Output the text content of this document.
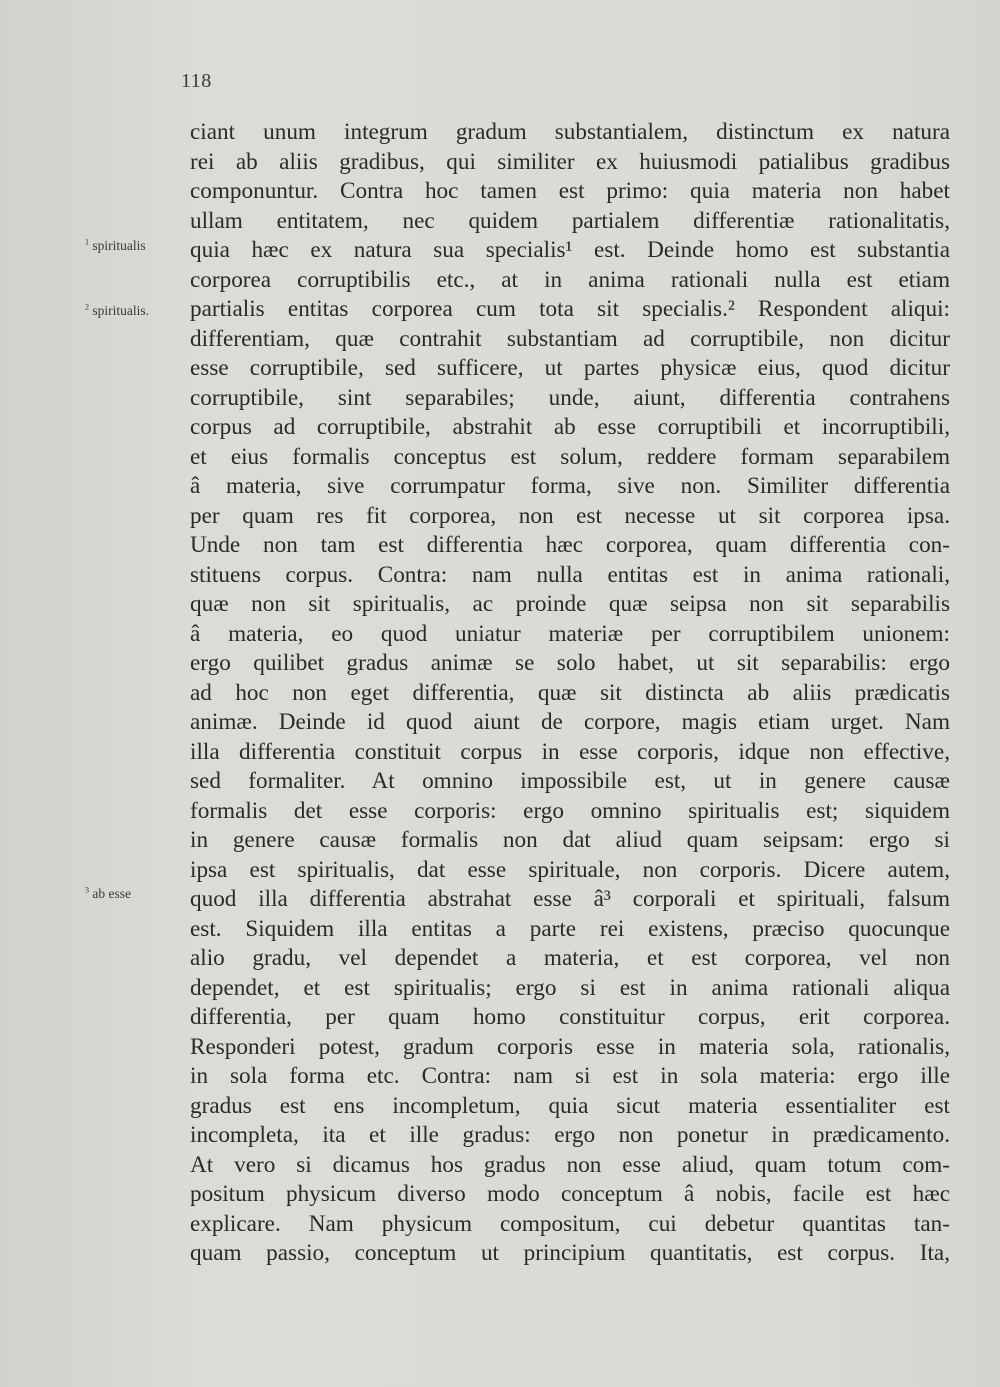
118
$^1$ spiritualis
$^2$ spiritualis.
$^3$ ab esse
ciant unum integrum gradum substantialem, distinctum ex natura
rei ab aliis gradibus, qui similiter ex huiusmodi patialibus gradibus
componuntur. Contra hoc tamen est primo: quia materia non habet
ullam entitatem, nec quidem partialem differentiæ rationalitatis,
quia hæc ex natura sua specialis¹ est. Deinde homo est substantia
corporea corruptibilis etc., at in anima rationali nulla est etiam
partialis entitas corporea cum tota sit specialis.² Respondent aliqui:
differentiam, quæ contrahit substantiam ad corruptibile, non dicitur
esse corruptibile, sed sufficere, ut partes physicæ eius, quod dicitur
corruptibile, sint separabiles; unde, aiunt, differentia contrahens
corpus ad corruptibile, abstrahit ab esse corruptibili et incorruptibili,
et eius formalis conceptus est solum, reddere formam separabilem
â materia, sive corrumpatur forma, sive non. Similiter differentia
per quam res fit corporea, non est necesse ut sit corporea ipsa.
Unde non tam est differentia hæc corporea, quam differentia con-
stituens corpus. Contra: nam nulla entitas est in anima rationali,
quæ non sit spiritualis, ac proinde quæ seipsa non sit separabilis
â materia, eo quod uniatur materiæ per corruptibilem unionem:
ergo quilibet gradus animæ se solo habet, ut sit separabilis: ergo
ad hoc non eget differentia, quæ sit distincta ab aliis prædicatis
animæ. Deinde id quod aiunt de corpore, magis etiam urget. Nam
illa differentia constituit corpus in esse corporis, idque non effective,
sed formaliter. At omnino impossibile est, ut in genere causæ
formalis det esse corporis: ergo omnino spiritualis est; siquidem
in genere causæ formalis non dat aliud quam seipsam: ergo si
ipsa est spiritualis, dat esse spirituale, non corporis. Dicere autem,
quod illa differentia abstrahat esse â³ corporali et spirituali, falsum
est. Siquidem illa entitas a parte rei existens, præciso quocunque
alio gradu, vel dependet a materia, et est corporea, vel non
dependet, et est spiritualis; ergo si est in anima rationali aliqua
differentia, per quam homo constituitur corpus, erit corporea.
Responderi potest, gradum corporis esse in materia sola, rationalis,
in sola forma etc. Contra: nam si est in sola materia: ergo ille
gradus est ens incompletum, quia sicut materia essentialiter est
incompleta, ita et ille gradus: ergo non ponetur in prædicamento.
At vero si dicamus hos gradus non esse aliud, quam totum com-
positum physicum diverso modo conceptum â nobis, facile est hæc
explicare. Nam physicum compositum, cui debetur quantitas tan-
quam passio, conceptum ut principium quantitatis, est corpus. Ita,
